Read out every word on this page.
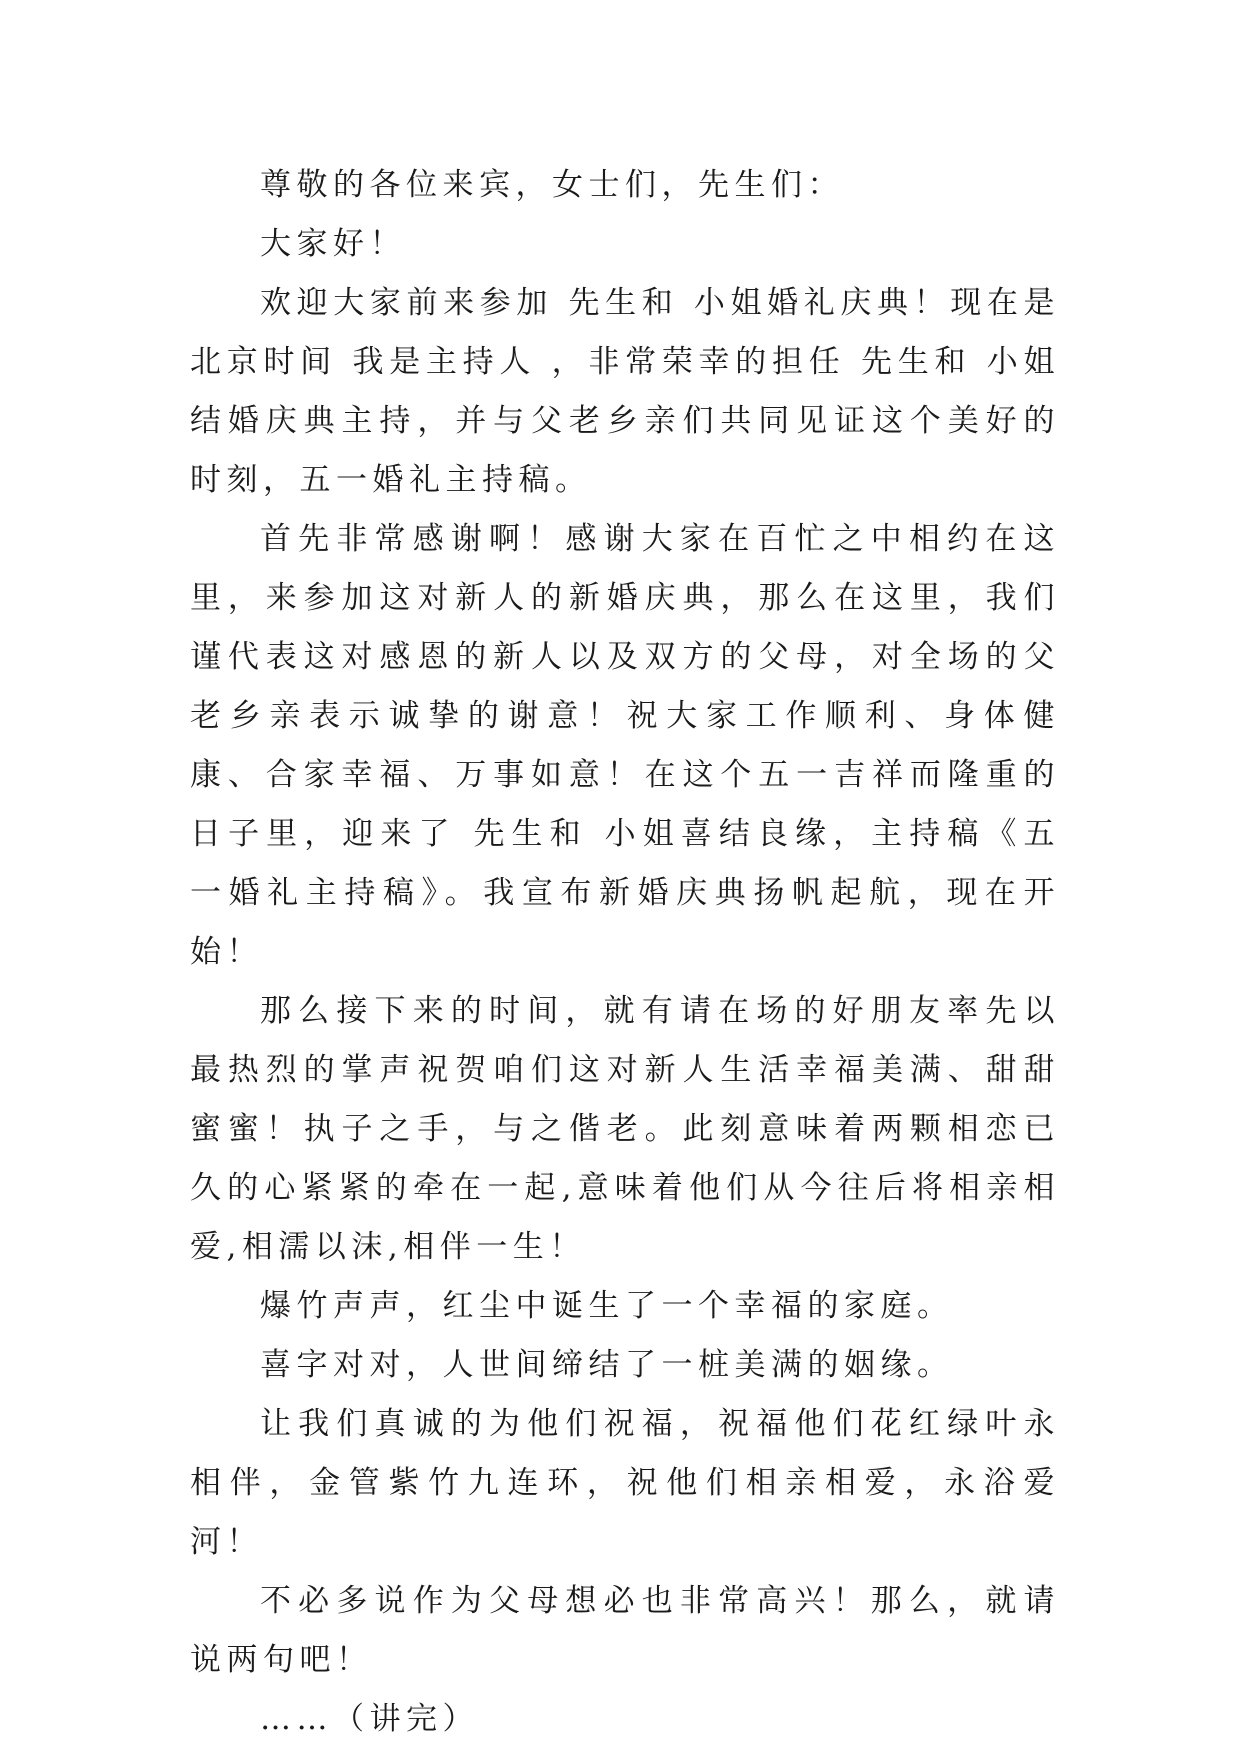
尊敬的各位来宾，女士们，先生们：

大家好！

欢迎大家前来参加 先生和 小姐婚礼庆典！现在是北京时间 我是主持人 ，非常荣幸的担任 先生和 小姐结婚庆典主持，并与父老乡亲们共同见证这个美好的时刻，五一婚礼主持稿。

首先非常感谢啊！感谢大家在百忙之中相约在这里，来参加这对新人的新婚庆典，那么在这里，我们谨代表这对感恩的新人以及双方的父母，对全场的父老乡亲表示诚挚的谢意！祝大家工作顺利、身体健康、合家幸福、万事如意！在这个五一吉祥而隆重的日子里，迎来了 先生和 小姐喜结良缘，主持稿《五一婚礼主持稿》。我宣布新婚庆典扬帆起航，现在开始！

那么接下来的时间，就有请在场的好朋友率先以最热烈的掌声祝贺咱们这对新人生活幸福美满、甜甜蜜蜜！执子之手，与之偕老。此刻意味着两颗相恋已久的心紧紧的牵在一起,意味着他们从今往后将相亲相爱,相濡以沫,相伴一生！

爆竹声声，红尘中诞生了一个幸福的家庭。

喜字对对，人世间缔结了一桩美满的姻缘。

让我们真诚的为他们祝福，祝福他们花红绿叶永相伴，金管紫竹九连环，祝他们相亲相爱，永浴爱河！

不必多说作为父母想必也非常高兴！那么，就请说两句吧！

……（讲完）
